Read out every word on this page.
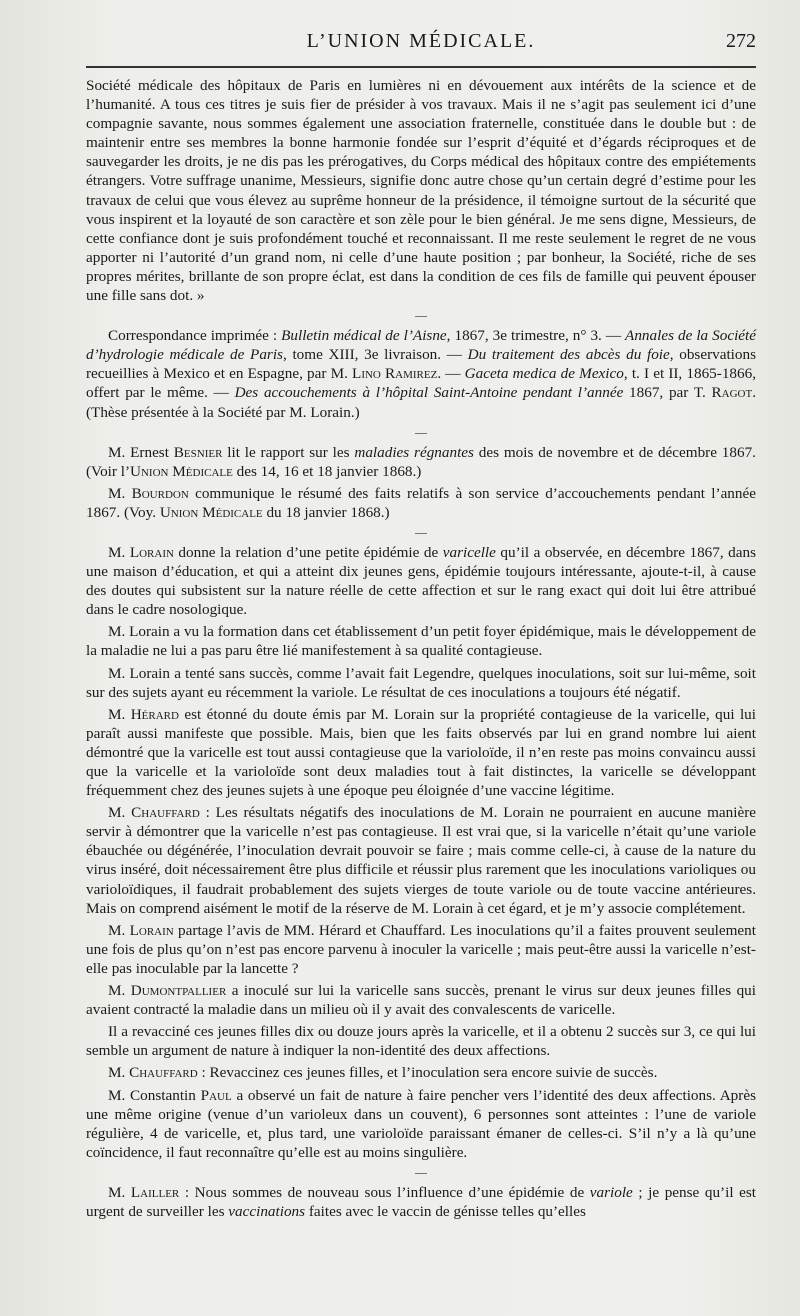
L’UNION MÉDICALE.	272

Société médicale des hôpitaux de Paris en lumières ni en dévouement aux intérêts de la science et de l’humanité. A tous ces titres je suis fier de présider à vos travaux. Mais il ne s’agit pas seulement ici d’une compagnie savante, nous sommes également une association fraternelle, constituée dans le double but : de maintenir entre ses membres la bonne harmonie fondée sur l’esprit d’équité et d’égards réciproques et de sauvegarder les droits, je ne dis pas les prérogatives, du Corps médical des hôpitaux contre des empiétements étrangers. Votre suffrage unanime, Messieurs, signifie donc autre chose qu’un certain degré d’estime pour les travaux de celui que vous élevez au suprême honneur de la présidence, il témoigne surtout de la sécurité que vous inspirent et la loyauté de son caractère et son zèle pour le bien général. Je me sens digne, Messieurs, de cette confiance dont je suis profondément touché et reconnaissant. Il me reste seulement le regret de ne vous apporter ni l’autorité d’un grand nom, ni celle d’une haute position ; par bonheur, la Société, riche de ses propres mérites, brillante de son propre éclat, est dans la condition de ces fils de famille qui peuvent épouser une fille sans dot. »

—

Correspondance imprimée : Bulletin médical de l’Aisne, 1867, 3e trimestre, n° 3. — Annales de la Société d’hydrologie médicale de Paris, tome XIII, 3e livraison. — Du traitement des abcès du foie, observations recueillies à Mexico et en Espagne, par M. Lino Ramirez. — Gaceta medica de Mexico, t. I et II, 1865-1866, offert par le même. — Des accouchements à l’hôpital Saint-Antoine pendant l’année 1867, par T. Ragot. (Thèse présentée à la Société par M. Lorain.)

—

M. Ernest Besnier lit le rapport sur les maladies régnantes des mois de novembre et de décembre 1867. (Voir l’Union Médicale des 14, 16 et 18 janvier 1868.)

M. Bourdon communique le résumé des faits relatifs à son service d’accouchements pendant l’année 1867. (Voy. Union Médicale du 18 janvier 1868.)

—

M. Lorain donne la relation d’une petite épidémie de varicelle qu’il a observée, en décembre 1867, dans une maison d’éducation, et qui a atteint dix jeunes gens, épidémie toujours intéressante, ajoute-t-il, à cause des doutes qui subsistent sur la nature réelle de cette affection et sur le rang exact qui doit lui être attribué dans le cadre nosologique.

M. Lorain a vu la formation dans cet établissement d’un petit foyer épidémique, mais le développement de la maladie ne lui a pas paru être lié manifestement à sa qualité contagieuse.

M. Lorain a tenté sans succès, comme l’avait fait Legendre, quelques inoculations, soit sur lui-même, soit sur des sujets ayant eu récemment la variole. Le résultat de ces inoculations a toujours été négatif.

M. Hérard est étonné du doute émis par M. Lorain sur la propriété contagieuse de la varicelle, qui lui paraît aussi manifeste que possible. Mais, bien que les faits observés par lui en grand nombre lui aient démontré que la varicelle est tout aussi contagieuse que la varioloïde, il n’en reste pas moins convaincu aussi que la varicelle et la varioloïde sont deux maladies tout à fait distinctes, la varicelle se développant fréquemment chez des jeunes sujets à une époque peu éloignée d’une vaccine légitime.

M. Chauffard : Les résultats négatifs des inoculations de M. Lorain ne pourraient en aucune manière servir à démontrer que la varicelle n’est pas contagieuse. Il est vrai que, si la varicelle n’était qu’une variole ébauchée ou dégénérée, l’inoculation devrait pouvoir se faire ; mais comme celle-ci, à cause de la nature du virus inséré, doit nécessairement être plus difficile et réussir plus rarement que les inoculations varioliques ou varioloïdiques, il faudrait probablement des sujets vierges de toute variole ou de toute vaccine antérieures. Mais on comprend aisément le motif de la réserve de M. Lorain à cet égard, et je m’y associe complétement.

M. Lorain partage l’avis de MM. Hérard et Chauffard. Les inoculations qu’il a faites prouvent seulement une fois de plus qu’on n’est pas encore parvenu à inoculer la varicelle ; mais peut-être aussi la varicelle n’est-elle pas inoculable par la lancette ?

M. Dumontpallier a inoculé sur lui la varicelle sans succès, prenant le virus sur deux jeunes filles qui avaient contracté la maladie dans un milieu où il y avait des convalescents de varicelle.

Il a revacciné ces jeunes filles dix ou douze jours après la varicelle, et il a obtenu 2 succès sur 3, ce qui lui semble un argument de nature à indiquer la non-identité des deux affections.

M. Chauffard : Revaccinez ces jeunes filles, et l’inoculation sera encore suivie de succès.

M. Constantin Paul a observé un fait de nature à faire pencher vers l’identité des deux affections. Après une même origine (venue d’un varioleux dans un couvent), 6 personnes sont atteintes : l’une de variole régulière, 4 de varicelle, et, plus tard, une varioloïde paraissant émaner de celles-ci. S’il n’y a là qu’une coïncidence, il faut reconnaître qu’elle est au moins singulière.

—

M. Lailler : Nous sommes de nouveau sous l’influence d’une épidémie de variole ; je pense qu’il est urgent de surveiller les vaccinations faites avec le vaccin de génisse telles qu’elles
